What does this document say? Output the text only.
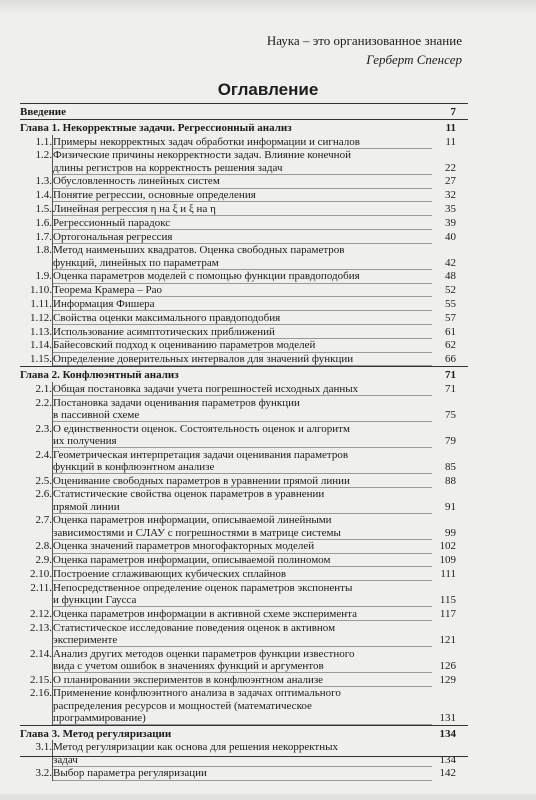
Наука – это организованное знание
Герберт Спенсер
Оглавление
Введение	7
Глава 1. Некорректные задачи. Регрессионный анализ	11
1.1. Примеры некорректных задач обработки информации и сигналов	11
1.2. Физические причины некорректности задач. Влияние конечной
длины регистров на корректность решения задач	22
1.3. Обусловленность линейных систем	27
1.4. Понятие регрессии, основные определения	32
1.5. Линейная регрессия η на ξ и ξ на η	35
1.6. Регрессионный парадокс	39
1.7. Ортогональная регрессия	40
1.8. Метод наименьших квадратов. Оценка свободных параметров
функций, линейных по параметрам	42
1.9. Оценка параметров моделей с помощью функции правдоподобия	48
1.10. Теорема Крамера – Рао	52
1.11. Информация Фишера	55
1.12. Свойства оценки максимального правдоподобия	57
1.13. Использование асимптотических приближений	61
1.14. Байесовский подход к оцениванию параметров моделей	62
1.15. Определение доверительных интервалов для значений функции	66
Глава 2. Конфлюэнтный анализ	71
2.1. Общая постановка задачи учета погрешностей исходных данных	71
2.2. Постановка задачи оценивания параметров функции
в пассивной схеме	75
2.3. О единственности оценок. Состоятельность оценок и алгоритм
их получения	79
2.4. Геометрическая интерпретация задачи оценивания параметров
функций в конфлюэнтном анализе	85
2.5. Оценивание свободных параметров в уравнении прямой линии	88
2.6. Статистические свойства оценок параметров в уравнении
прямой линии	91
2.7. Оценка параметров информации, описываемой линейными
зависимостями и СЛАУ с погрешностями в матрице системы	99
2.8. Оценка значений параметров многофакторных моделей	102
2.9. Оценка параметров информации, описываемой полиномом	109
2.10. Построение сглаживающих кубических сплайнов	111
2.11. Непосредственное определение оценок параметров экспоненты
и функции Гаусса	115
2.12. Оценка параметров информации в активной схеме эксперимента	117
2.13. Статистическое исследование поведения оценок в активном
эксперименте	121
2.14. Анализ других методов оценки параметров функции известного
вида с учетом ошибок в значениях функций и аргументов	126
2.15. О планировании экспериментов в конфлюэнтном анализе	129
2.16. Применение конфлюэнтного анализа в задачах оптимального
распределения ресурсов и мощностей (математическое
программирование)	131
Глава 3. Метод регуляризации	134
3.1. Метод регуляризации как основа для решения некорректных
задач	134
3.2. Выбор параметра регуляризации	142
